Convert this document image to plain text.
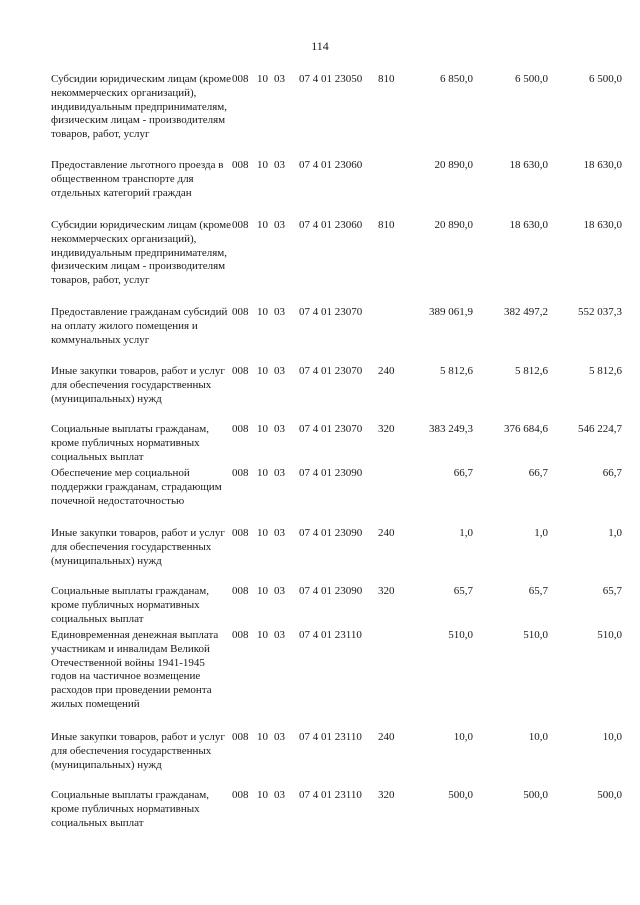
114
Субсидии юридическим лицам (кроме некоммерческих организаций), индивидуальным предпринимателям, физическим лицам - производителям товаров, работ, услуг
008 10 03 07 4 01 23050 810	6 850,0	6 500,0	6 500,0
Предоставление льготного проезда в общественном транспорте для отдельных категорий граждан
008 10 03 07 4 01 23060	20 890,0	18 630,0	18 630,0
Субсидии юридическим лицам (кроме некоммерческих организаций), индивидуальным предпринимателям, физическим лицам - производителям товаров, работ, услуг
008 10 03 07 4 01 23060 810	20 890,0	18 630,0	18 630,0
Предоставление гражданам субсидий на оплату жилого помещения и коммунальных услуг
008 10 03 07 4 01 23070	389 061,9	382 497,2	552 037,3
Иные закупки товаров, работ и услуг для обеспечения государственных (муниципальных) нужд
008 10 03 07 4 01 23070 240	5 812,6	5 812,6	5 812,6
Социальные выплаты гражданам, кроме публичных нормативных социальных выплат
008 10 03 07 4 01 23070 320	383 249,3	376 684,6	546 224,7
Обеспечение мер социальной поддержки гражданам, страдающим почечной недостаточностью
008 10 03 07 4 01 23090	66,7	66,7	66,7
Иные закупки товаров, работ и услуг для обеспечения государственных (муниципальных) нужд
008 10 03 07 4 01 23090 240	1,0	1,0	1,0
Социальные выплаты гражданам, кроме публичных нормативных социальных выплат
008 10 03 07 4 01 23090 320	65,7	65,7	65,7
Единовременная денежная выплата участникам и инвалидам Великой Отечественной войны 1941-1945 годов на частичное возмещение расходов при проведении ремонта жилых помещений
008 10 03 07 4 01 23110	510,0	510,0	510,0
Иные закупки товаров, работ и услуг для обеспечения государственных (муниципальных) нужд
008 10 03 07 4 01 23110 240	10,0	10,0	10,0
Социальные выплаты гражданам, кроме публичных нормативных социальных выплат
008 10 03 07 4 01 23110 320	500,0	500,0	500,0
